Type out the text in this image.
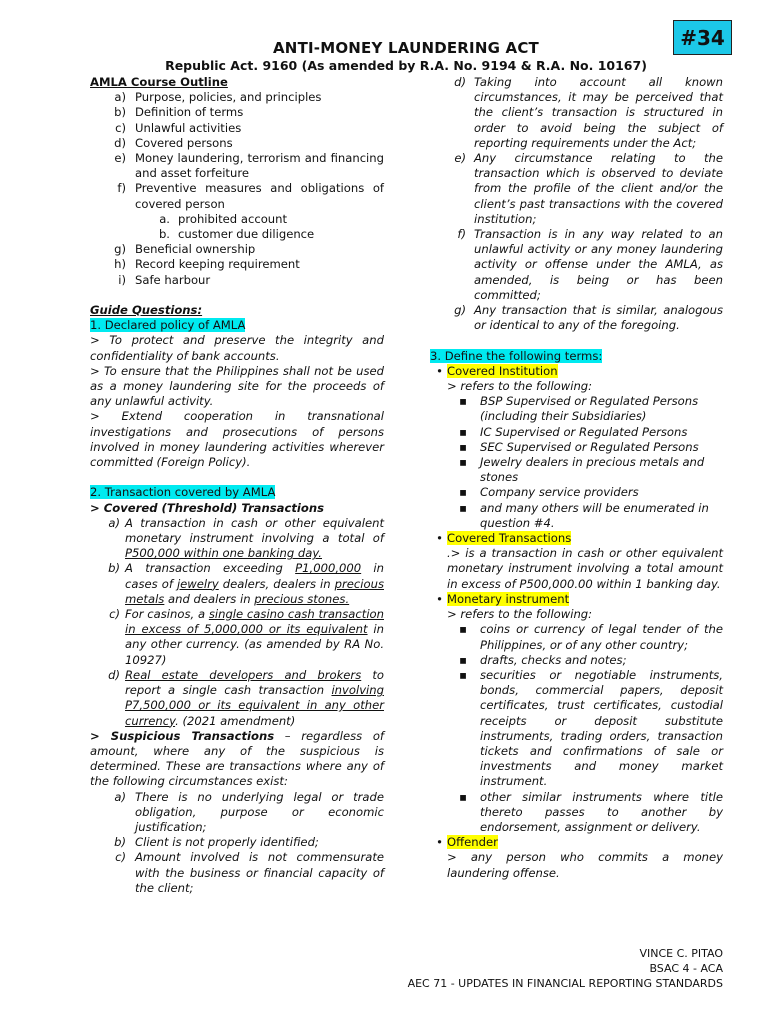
#34
ANTI-MONEY LAUNDERING ACT
Republic Act. 9160 (As amended by R.A. No. 9194 & R.A. No. 10167)
AMLA Course Outline
a) Purpose, policies, and principles
b) Definition of terms
c) Unlawful activities
d) Covered persons
e) Money laundering, terrorism and financing and asset forfeiture
f) Preventive measures and obligations of covered person
a. prohibited account
b. customer due diligence
g) Beneficial ownership
h) Record keeping requirement
i) Safe harbour
Guide Questions:
1. Declared policy of AMLA
> To protect and preserve the integrity and confidentiality of bank accounts.
> To ensure that the Philippines shall not be used as a money laundering site for the proceeds of any unlawful activity.
> Extend cooperation in transnational investigations and prosecutions of persons involved in money laundering activities wherever committed (Foreign Policy).
2. Transaction covered by AMLA
> Covered (Threshold) Transactions
a) A transaction in cash or other equivalent monetary instrument involving a total of P500,000 within one banking day.
b) A transaction exceeding P1,000,000 in cases of jewelry dealers, dealers in precious metals and dealers in precious stones.
c) For casinos, a single casino cash transaction in excess of 5,000,000 or its equivalent in any other currency. (as amended by RA No. 10927)
d) Real estate developers and brokers to report a single cash transaction involving P7,500,000 or its equivalent in any other currency. (2021 amendment)
> Suspicious Transactions – regardless of amount, where any of the suspicious is determined. These are transactions where any of the following circumstances exist:
a) There is no underlying legal or trade obligation, purpose or economic justification;
b) Client is not properly identified;
c) Amount involved is not commensurate with the business or financial capacity of the client;
d) Taking into account all known circumstances, it may be perceived that the client’s transaction is structured in order to avoid being the subject of reporting requirements under the Act;
e) Any circumstance relating to the transaction which is observed to deviate from the profile of the client and/or the client’s past transactions with the covered institution;
f) Transaction is in any way related to an unlawful activity or any money laundering activity or offense under the AMLA, as amended, is being or has been committed;
g) Any transaction that is similar, analogous or identical to any of the foregoing.
3. Define the following terms:
• Covered Institution
> refers to the following:
▪	BSP Supervised or Regulated Persons (including their Subsidiaries)
▪	IC Supervised or Regulated Persons
▪	SEC Supervised or Regulated Persons
▪	Jewelry dealers in precious metals and stones
▪	Company service providers
▪	and many others will be enumerated in question #4.
• Covered Transactions
.> is a transaction in cash or other equivalent monetary instrument involving a total amount in excess of P500,000.00 within 1 banking day.
• Monetary instrument
> refers to the following:
▪	coins or currency of legal tender of the Philippines, or of any other country;
▪	drafts, checks and notes;
▪	securities or negotiable instruments, bonds, commercial papers, deposit certificates, trust certificates, custodial receipts or deposit substitute instruments, trading orders, transaction tickets and confirmations of sale or investments and money market instrument.
▪	other similar instruments where title thereto passes to another by endorsement, assignment or delivery.
• Offender
> any person who commits a money laundering offense.
VINCE C. PITAO
BSAC 4 - ACA
AEC 71 - UPDATES IN FINANCIAL REPORTING STANDARDS
